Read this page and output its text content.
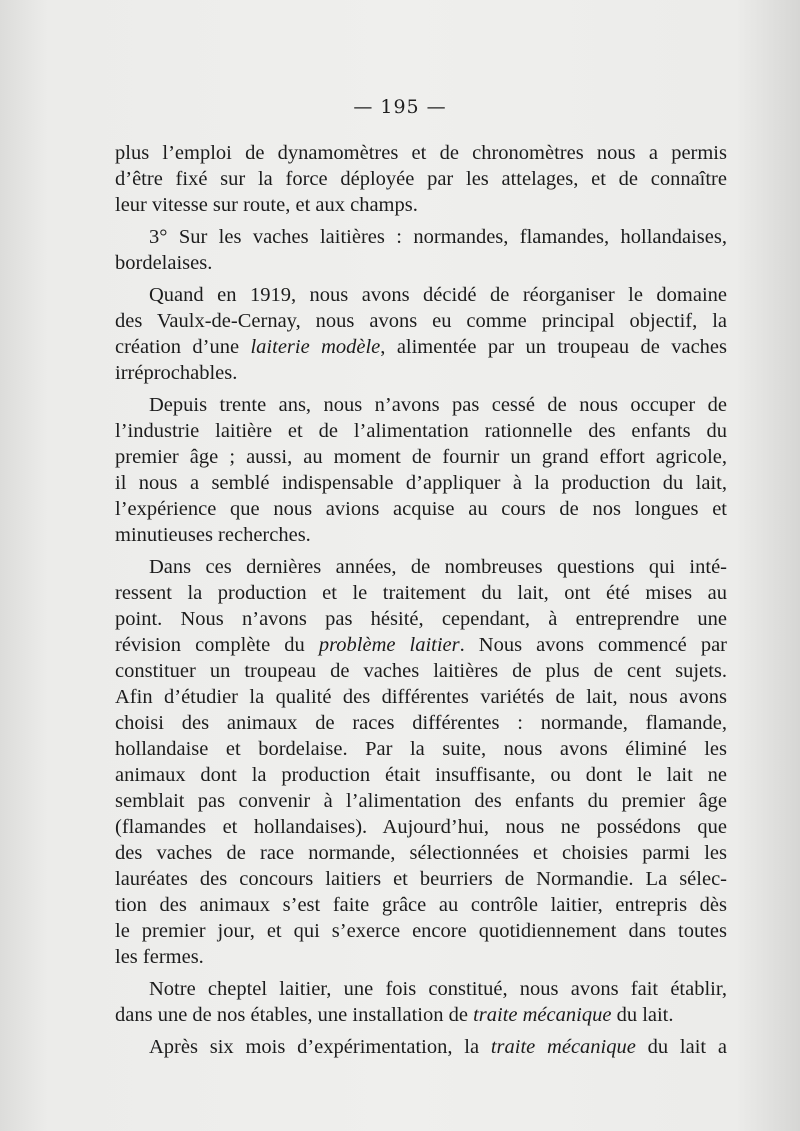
— 195 —
plus l’emploi de dynamomètres et de chronomètres nous a permis
d’être fixé sur la force déployée par les attelages, et de connaître
leur vitesse sur route, et aux champs.
3° Sur les vaches laitières : normandes, flamandes, hollandaises,
bordelaises.
Quand en 1919, nous avons décidé de réorganiser le domaine
des Vaulx-de-Cernay, nous avons eu comme principal objectif, la
création d’une laiterie modèle, alimentée par un troupeau de vaches
irréprochables.
Depuis trente ans, nous n’avons pas cessé de nous occuper de
l’industrie laitière et de l’alimentation rationnelle des enfants du
premier âge ; aussi, au moment de fournir un grand effort agricole,
il nous a semblé indispensable d’appliquer à la production du lait,
l’expérience que nous avions acquise au cours de nos longues et
minutieuses recherches.
Dans ces dernières années, de nombreuses questions qui inté-
ressent la production et le traitement du lait, ont été mises au
point. Nous n’avons pas hésité, cependant, à entreprendre une
révision complète du problème laitier. Nous avons commencé par
constituer un troupeau de vaches laitières de plus de cent sujets.
Afin d’étudier la qualité des différentes variétés de lait, nous avons
choisi des animaux de races différentes : normande, flamande,
hollandaise et bordelaise. Par la suite, nous avons éliminé les
animaux dont la production était insuffisante, ou dont le lait ne
semblait pas convenir à l’alimentation des enfants du premier âge
(flamandes et hollandaises). Aujourd’hui, nous ne possédons que
des vaches de race normande, sélectionnées et choisies parmi les
lauréates des concours laitiers et beurriers de Normandie. La sélec-
tion des animaux s’est faite grâce au contrôle laitier, entrepris dès
le premier jour, et qui s’exerce encore quotidiennement dans toutes
les fermes.
Notre cheptel laitier, une fois constitué, nous avons fait établir,
dans une de nos étables, une installation de traite mécanique du lait.
Après six mois d’expérimentation, la traite mécanique du lait a
